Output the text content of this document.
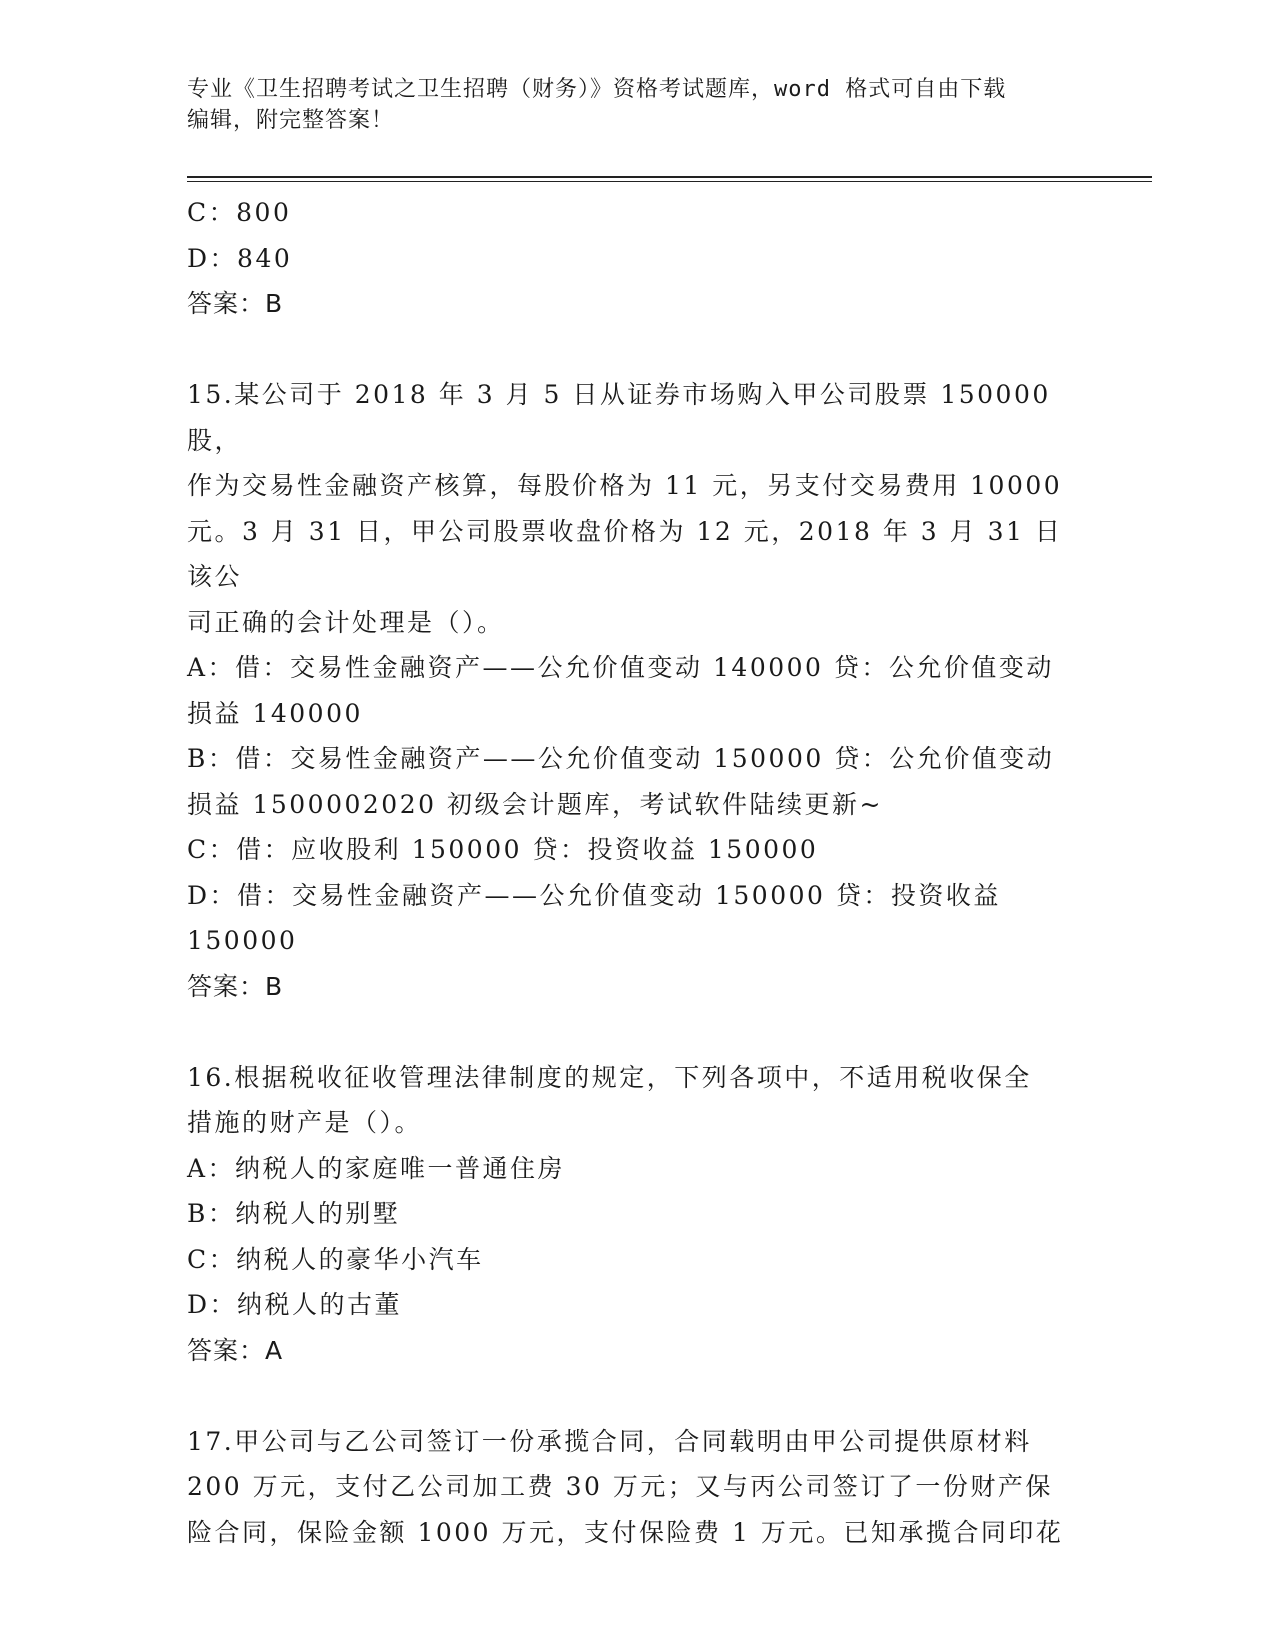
专业《卫生招聘考试之卫生招聘（财务）》资格考试题库，word 格式可自由下载
编辑，附完整答案！

C：800

D：840

答案：B

15.某公司于 2018 年 3 月 5 日从证券市场购入甲公司股票 150000 股，

作为交易性金融资产核算，每股价格为 11 元，另支付交易费用 10000

元。3 月 31 日，甲公司股票收盘价格为 12 元，2018 年 3 月 31 日该公

司正确的会计处理是（）。

A：借：交易性金融资产——公允价值变动 140000 贷：公允价值变动

损益 140000

B：借：交易性金融资产——公允价值变动 150000 贷：公允价值变动

损益 1500002020 初级会计题库，考试软件陆续更新~

C：借：应收股利 150000 贷：投资收益 150000

D：借：交易性金融资产——公允价值变动 150000 贷：投资收益

150000

答案：B

16.根据税收征收管理法律制度的规定，下列各项中，不适用税收保全

措施的财产是（）。

A：纳税人的家庭唯一普通住房

B：纳税人的别墅

C：纳税人的豪华小汽车

D：纳税人的古董

答案：A

17.甲公司与乙公司签订一份承揽合同，合同载明由甲公司提供原材料

200 万元，支付乙公司加工费 30 万元；又与丙公司签订了一份财产保

险合同，保险金额 1000 万元，支付保险费 1 万元。已知承揽合同印花
